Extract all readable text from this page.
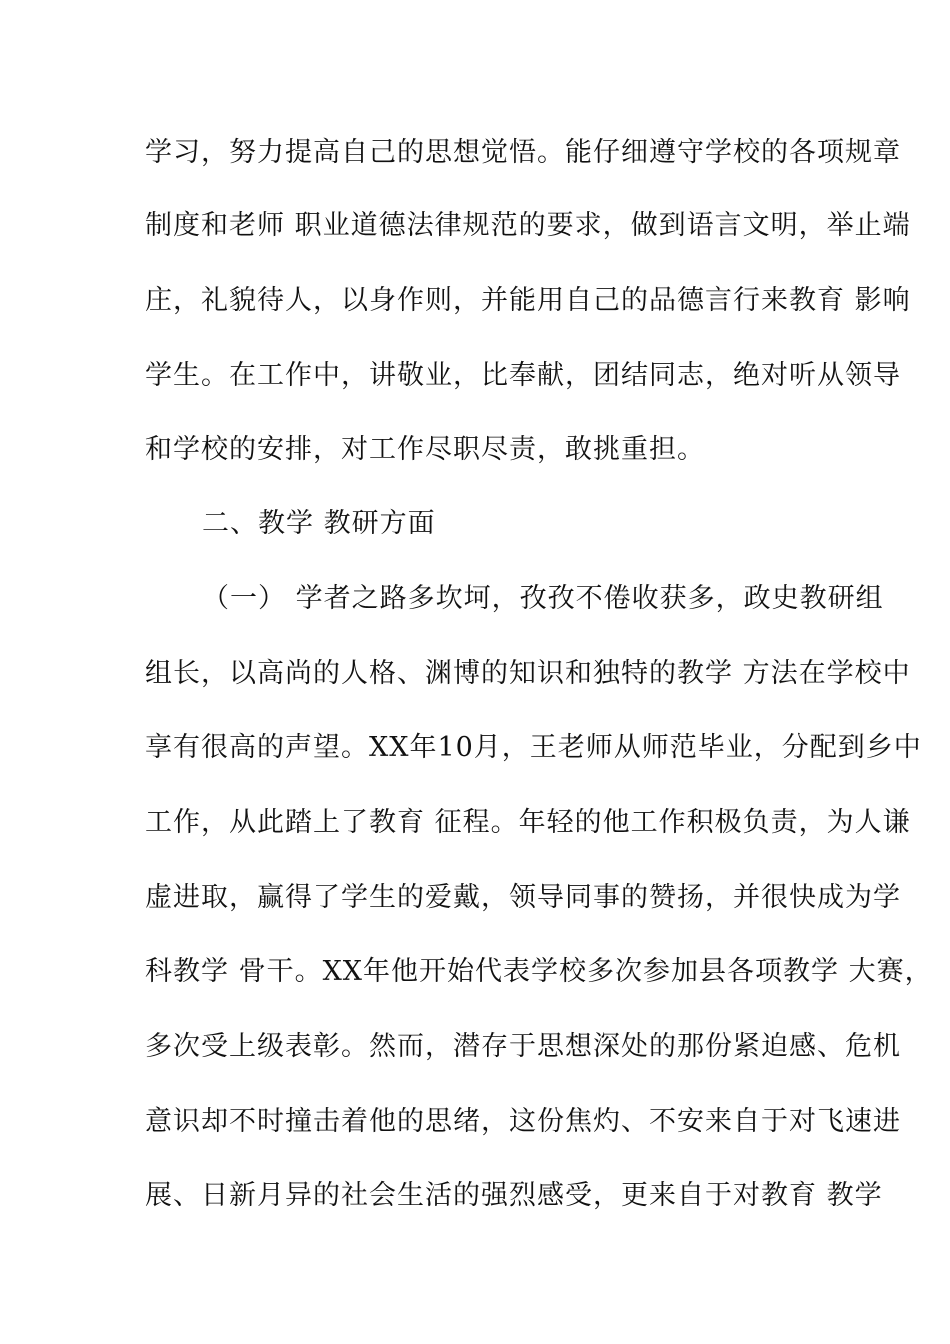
学习，努力提高自己的思想觉悟。能仔细遵守学校的各项规章
制度和老师 职业道德法律规范的要求，做到语言文明，举止端
庄，礼貌待人，以身作则，并能用自己的品德言行来教育 影响
学生。在工作中，讲敬业，比奉献，团结同志，绝对听从领导
和学校的安排，对工作尽职尽责，敢挑重担。
二、教学 教研方面
（一） 学者之路多坎坷，孜孜不倦收获多，政史教研组
组长，以高尚的人格、渊博的知识和独特的教学 方法在学校中
享有很高的声望。XX年10月，王老师从师范毕业，分配到乡中
工作，从此踏上了教育 征程。年轻的他工作积极负责，为人谦
虚进取，赢得了学生的爱戴，领导同事的赞扬，并很快成为学
科教学 骨干。XX年他开始代表学校多次参加县各项教学 大赛，
多次受上级表彰。然而，潜存于思想深处的那份紧迫感、危机
意识却不时撞击着他的思绪，这份焦灼、不安来自于对飞速进
展、日新月异的社会生活的强烈感受，更来自于对教育 教学
